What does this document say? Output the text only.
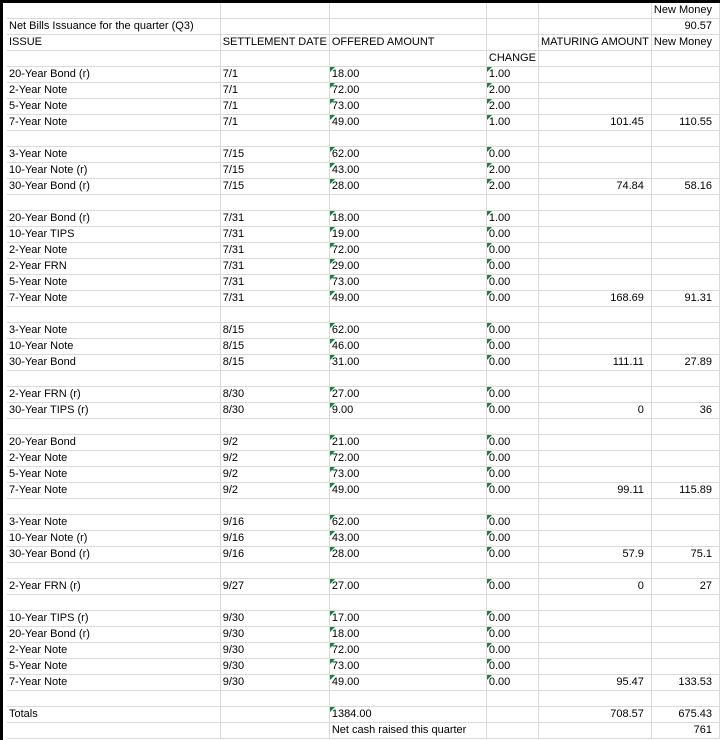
					New Money
Net Bills Issuance for the quarter (Q3)					90.57
ISSUE	SETTLEMENT DATE	OFFERED AMOUNT		MATURING AMOUNT	New Money
			CHANGE		
20-Year Bond (r)	7/1	18.00	1.00		
2-Year Note	7/1	72.00	2.00		
5-Year Note	7/1	73.00	2.00		
7-Year Note	7/1	49.00	1.00	101.45	110.55

3-Year Note	7/15	62.00	0.00		
10-Year Note (r)	7/15	43.00	2.00		
30-Year Bond (r)	7/15	28.00	2.00	74.84	58.16

20-Year Bond (r)	7/31	18.00	1.00		
10-Year TIPS	7/31	19.00	0.00		
2-Year Note	7/31	72.00	0.00		
2-Year FRN	7/31	29.00	0.00		
5-Year Note	7/31	73.00	0.00		
7-Year Note	7/31	49.00	0.00	168.69	91.31

3-Year Note	8/15	62.00	0.00		
10-Year Note	8/15	46.00	0.00		
30-Year Bond	8/15	31.00	0.00	111.11	27.89

2-Year FRN (r)	8/30	27.00	0.00		
30-Year TIPS (r)	8/30	9.00	0.00	0	36

20-Year Bond	9/2	21.00	0.00		
2-Year Note	9/2	72.00	0.00		
5-Year Note	9/2	73.00	0.00		
7-Year Note	9/2	49.00	0.00	99.11	115.89

3-Year Note	9/16	62.00	0.00		
10-Year Note (r)	9/16	43.00	0.00		
30-Year Bond (r)	9/16	28.00	0.00	57.9	75.1

2-Year FRN (r)	9/27	27.00	0.00	0	27

10-Year TIPS (r)	9/30	17.00	0.00		
20-Year Bond (r)	9/30	18.00	0.00		
2-Year Note	9/30	72.00	0.00		
5-Year Note	9/30	73.00	0.00		
7-Year Note	9/30	49.00	0.00	95.47	133.53

Totals		1384.00		708.57	675.43
		Net cash raised this quarter			761
